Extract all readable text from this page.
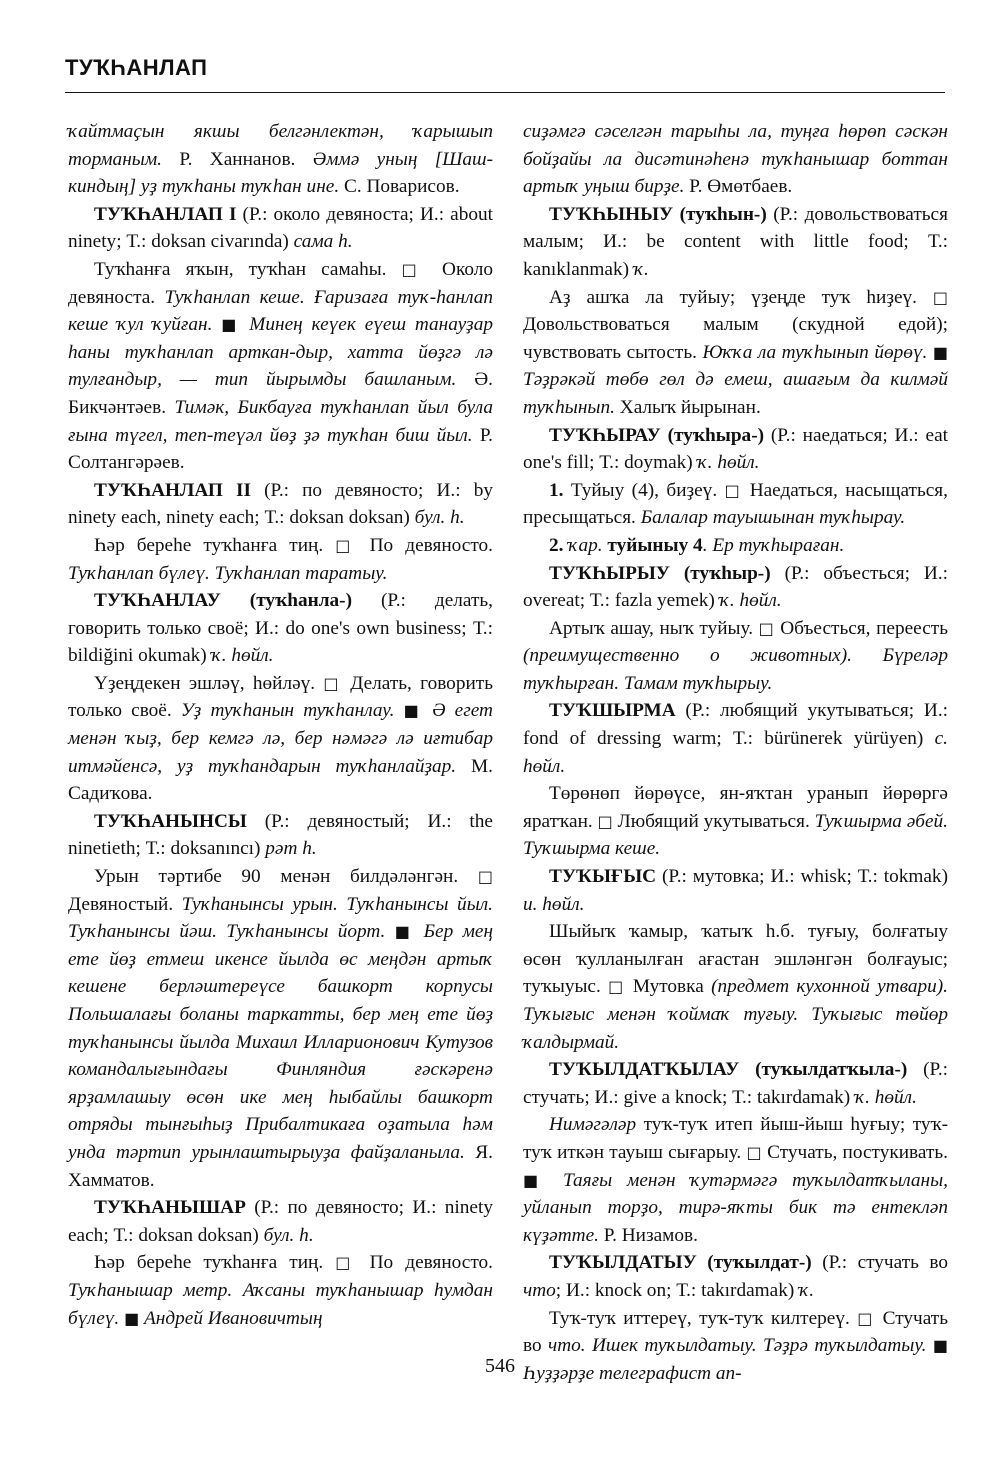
ТУҠҺАНЛАП

ҡайтмаҫын якшы белгәнлектән, ҡарышып торманым. Р. Ханнанов. Әммә уның [Шаш-киндың] уҙ туҡһаны туҡһан ине. С. Поварисов.

ТУҠҺАНЛАП I (Р.: около девяноста; И.: about ninety; Т.: doksan civarında) сама h.

Туҡһанға яҡын, туҡһан самаһы. □ Около девяноста. Туҡһанлап кеше. Ғаризаға туҡ-һанлап кеше ҡул ҡуйған. ■ Минең кеүек еүеш танауҙар һаны туҡһанлап арткан-дыр, хатта йөҙгә лә тулғандыр, — тип йырымды башланым. Ә. Бикчәнтәев. Тимәк, Бикбауға туҡһанлап йыл була ғына түгел, теп-теүәл йөҙ ҙә туҡһан биш йыл. Р. Солтангәрәев.

ТУҠҺАНЛАП II (Р.: по девяносто; И.: by ninety each, ninety each; Т.: doksan doksan) бул. h.

Һәр берeһе туҡһанға тиң. □ По девяносто. Туҡһанлап бүлеү. Туҡһанлап таратыу.

ТУҠҺАНЛАУ (туҡһанла-) (Р.: делать, говорить только своё; И.: do one's own business; Т.: bildiğini okumak) ҡ. һөйл.

Үҙеңдекен эшләү, һөйләү. □ Делать, говорить только своё. Уҙ туҡһанын туҡһанлау. ■ Ә егет менән ҡыҙ, бер кемгә лә, бер нәмәгә лә иғтибар итмәйенсә, уҙ туҡһандарын туҡһанлайҙар. М. Садиҡова.

ТУҠҺАНЫНСЫ (Р.: девяностый; И.: the ninetieth; Т.: doksanıncı) рәт h.

Урын тәртибе 90 менән билдәләнгән. □ Девяностый. Туҡһанынсы урын. Туҡһанынсы йыл. Туҡһанынсы йәш. Туҡһанынсы йорт. ■ Бер мең ете йөҙ етмеш икенсе йылда өс меңдән артыҡ кешене берләштереүсе башкорт корпусы Польшалағы боланы таркатты, бер мең ете йөҙ туҡһанынсы йылда Михаил Илларионович Кутузов командалығындағы Финляндия ғәскәренә ярҙамлашыу өсөн ике мең һыбайлы башкорт отряды тынғыһыҙ Прибалтикаға оҙатыла һәм унда тәртип урынлаштырыуҙа файҙаланыла. Я. Хамматов.

ТУҠҺАНЫШАР (Р.: по девяносто; И.: ninety each; Т.: doksan doksan) бул. h.

Һәр берeһе туҡһанға тиң. □ По девяносто. Туҡһанышар метр. Аҡсаны туҡһанышар һумдан бүлеү. ■ Андрей Ивановичтың

сиҙәмгә сәселгән тарыһы ла, туңға һөрөп сәскән бойҙайы ла дисәтинәһенә туҡһанышар боттан артыҡ уңыш бирҙе. Р. Өмөтбаев.

ТУҠҺЫНЫУ (туҡһын-) (Р.: довольствоваться малым; И.: be content with little food; Т.: kanıklanmak) ҡ.

Аҙ ашҡа ла туйыу; үҙеңде туҡ һиҙеү. □ Довольствоваться малым (скудной едой); чувствовать сытость. Юҡҡа ла туҡһынып йөрөү. ■ Тәҙрәкәй төбө гөл дә емеш, ашағым да килмәй туҡһынып. Халыҡ йырынан.

ТУҠҺЫРАУ (туҡһыра-) (Р.: наедаться; И.: eat one's fill; Т.: doymak) ҡ. һөйл.

1. Туйыу (4), биҙеү. □ Наедаться, насыщаться, пресыщаться. Балалар тауышынан туҡһырау.

2. ҡар. туйыныу 4. Ер туҡһыраған.

ТУҠҺЫРЫУ (туҡһыр-) (Р.: объесться; И.: overeat; Т.: fazla yemek) ҡ. һөйл.

Артыҡ ашау, ныҡ туйыу. □ Объесться, переесть (преимущественно о животных). Бүреләр туҡһырған. Тамам туҡһырыу.

ТУҠШЫРМА (Р.: любящий укутываться; И.: fond of dressing warm; Т.: bürünerek yürüyen) с. һөйл.

Төрөнөп йөрөүсе, ян-яҡтан уранып йөрөргә яратҡан. □ Любящий укутываться. Туҡшырма әбей. Туҡшырма кеше.

ТУҠЫҒЫС (Р.: мутовка; И.: whisk; Т.: tokmak) и. һөйл.

Шыйыҡ ҡамыр, ҡатыҡ һ.б. туғыу, болғатыу өсөн ҡулланылған ағастан эшләнгән болғауыс; туҡыуыс. □ Мутовка (предмет кухонной утвари). Туҡығыс менән ҡоймаҡ туғыу. Туҡығыс төйөр ҡалдырмай.

ТУҠЫЛДАТҠЫЛАУ (туҡылдатҡыла-) (Р.: стучать; И.: give a knock; Т.: takırdamak) ҡ. һөйл.

Нимәгәләр туҡ-туҡ итеп йыш-йыш һуғыу; туҡ-туҡ иткән тауыш сығарыу. □ Стучать, постукивать. ■ Таяғы менән ҡутәрмәгә туҡылдатҡыланы, уйланып торҙо, тирә-яҡты бик тә ентекләп күҙәтте. Р. Низамов.

ТУҠЫЛДАТЫУ (туҡылдат-) (Р.: стучать во что; И.: knock on; Т.: takırdamak) ҡ.

Туҡ-туҡ иттереү, туҡ-туҡ килтереү. □ Стучать во что. Ишек туҡылдатыу. Тәҙрә туҡылдатыу. ■ Һуҙҙәрҙе телеграфист ап-

546
